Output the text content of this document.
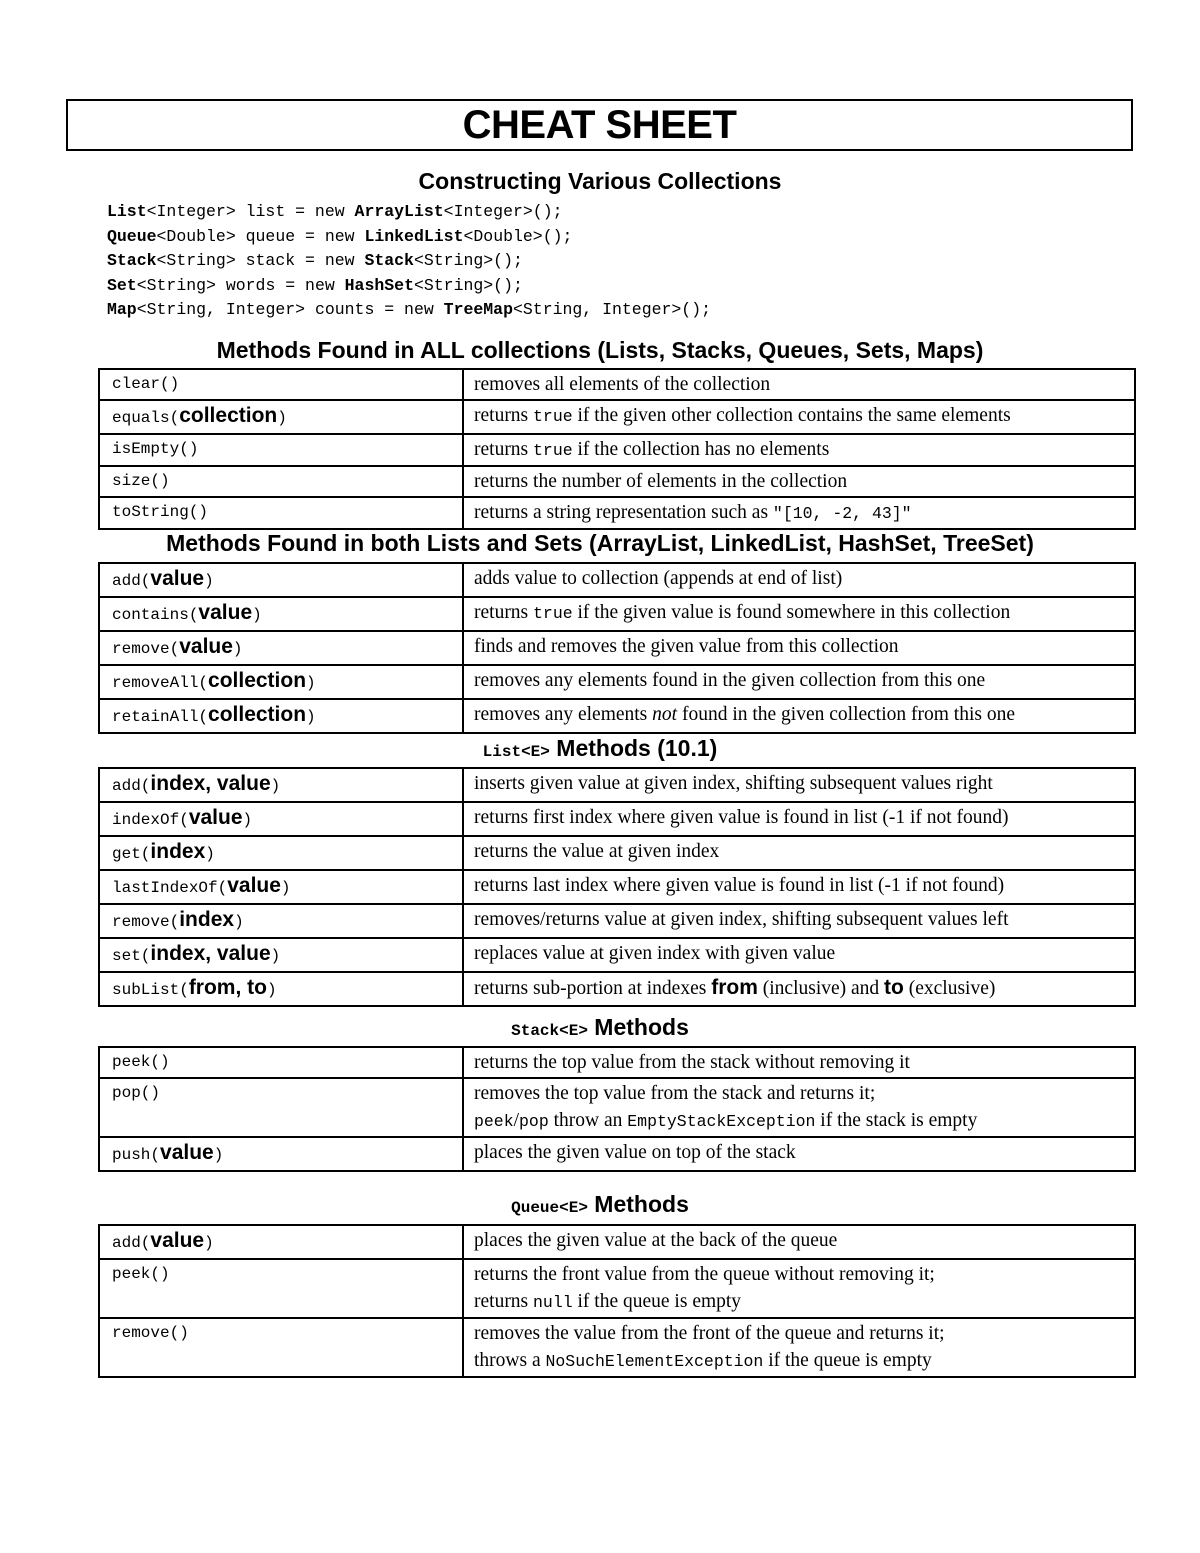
CHEAT SHEET
Constructing Various Collections
List<Integer> list = new ArrayList<Integer>();
Queue<Double> queue = new LinkedList<Double>();
Stack<String> stack = new Stack<String>();
Set<String> words = new HashSet<String>();
Map<String, Integer> counts = new TreeMap<String, Integer>();
Methods Found in ALL collections (Lists, Stacks, Queues, Sets, Maps)
clear()	removes all elements of the collection
equals(collection)	returns true if the given other collection contains the same elements
isEmpty()	returns true if the collection has no elements
size()	returns the number of elements in the collection
toString()	returns a string representation such as "[10, -2, 43]"
Methods Found in both Lists and Sets (ArrayList, LinkedList, HashSet, TreeSet)
add(value)	adds value to collection (appends at end of list)
contains(value)	returns true if the given value is found somewhere in this collection
remove(value)	finds and removes the given value from this collection
removeAll(collection)	removes any elements found in the given collection from this one
retainAll(collection)	removes any elements not found in the given collection from this one
List<E> Methods (10.1)
add(index, value)	inserts given value at given index, shifting subsequent values right
indexOf(value)	returns first index where given value is found in list (-1 if not found)
get(index)	returns the value at given index
lastIndexOf(value)	returns last index where given value is found in list (-1 if not found)
remove(index)	removes/returns value at given index, shifting subsequent values left
set(index, value)	replaces value at given index with given value
subList(from, to)	returns sub-portion at indexes from (inclusive) and to (exclusive)
Stack<E> Methods
peek()	returns the top value from the stack without removing it
pop()	removes the top value from the stack and returns it;
peek/pop throw an EmptyStackException if the stack is empty

push(value)	places the given value on top of the stack
Queue<E> Methods
add(value)	places the given value at the back of the queue
peek()	returns the front value from the queue without removing it;
returns null if the queue is empty

remove()	removes the value from the front of the queue and returns it;
throws a NoSuchElementException if the queue is empty
